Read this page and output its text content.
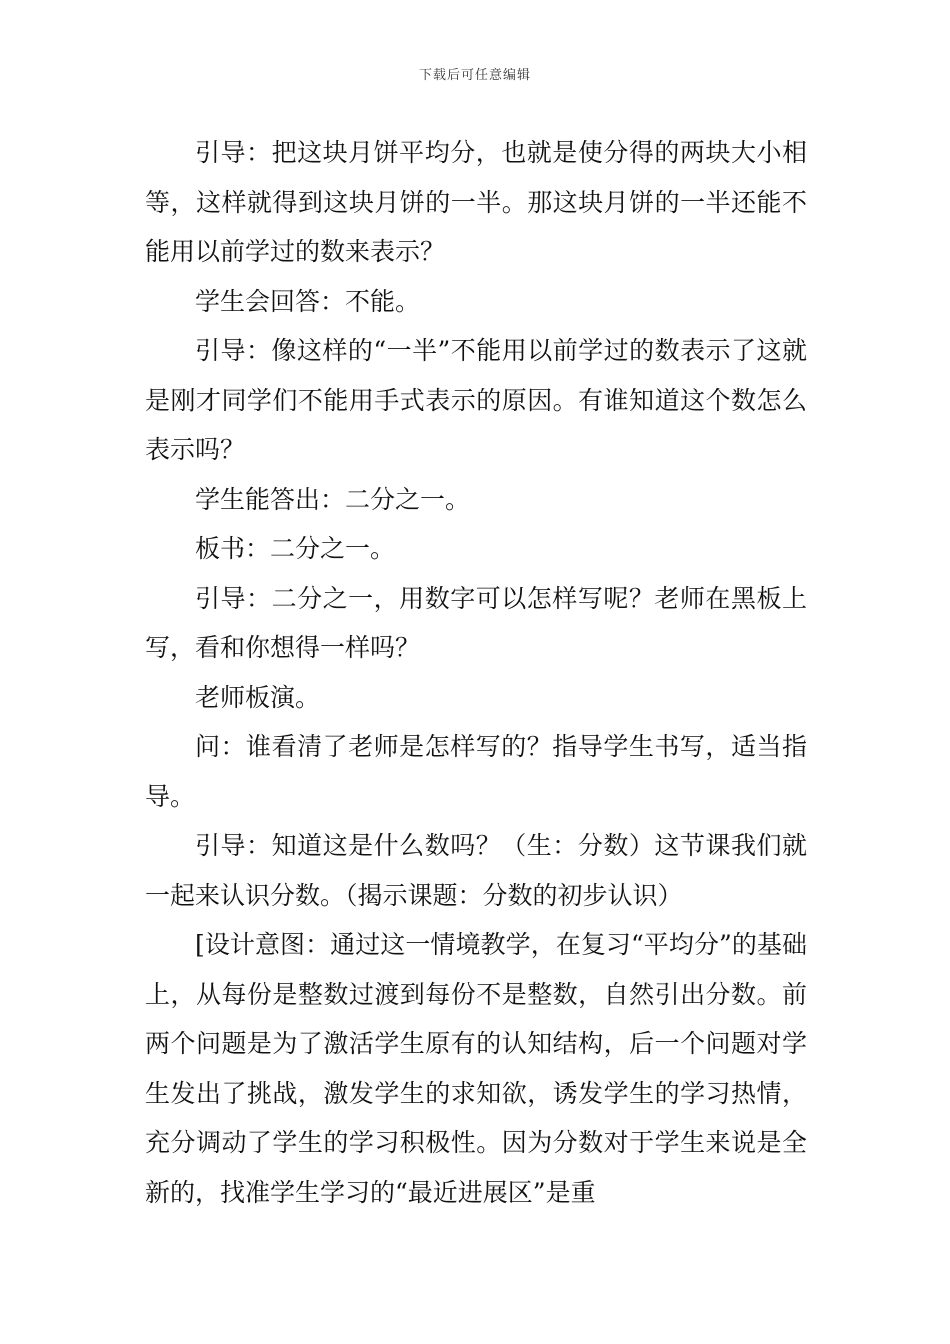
下载后可任意编辑

引导：把这块月饼平均分，也就是使分得的两块大小相等，这样就得到这块月饼的一半。那这块月饼的一半还能不能用以前学过的数来表示？

学生会回答：不能。

引导：像这样的“一半”不能用以前学过的数表示了这就是刚才同学们不能用手式表示的原因。有谁知道这个数怎么表示吗？

学生能答出：二分之一。

板书：二分之一。

引导：二分之一，用数字可以怎样写呢？老师在黑板上写，看和你想得一样吗？

老师板演。

问：谁看清了老师是怎样写的？指导学生书写，适当指导。

引导：知道这是什么数吗？（生：分数）这节课我们就一起来认识分数。（揭示课题：分数的初步认识）

[设计意图：通过这一情境教学，在复习“平均分”的基础上，从每份是整数过渡到每份不是整数，自然引出分数。前两个问题是为了激活学生原有的认知结构，后一个问题对学生发出了挑战，激发学生的求知欲，诱发学生的学习热情，充分调动了学生的学习积极性。因为分数对于学生来说是全新的，找准学生学习的“最近进展区”是重
